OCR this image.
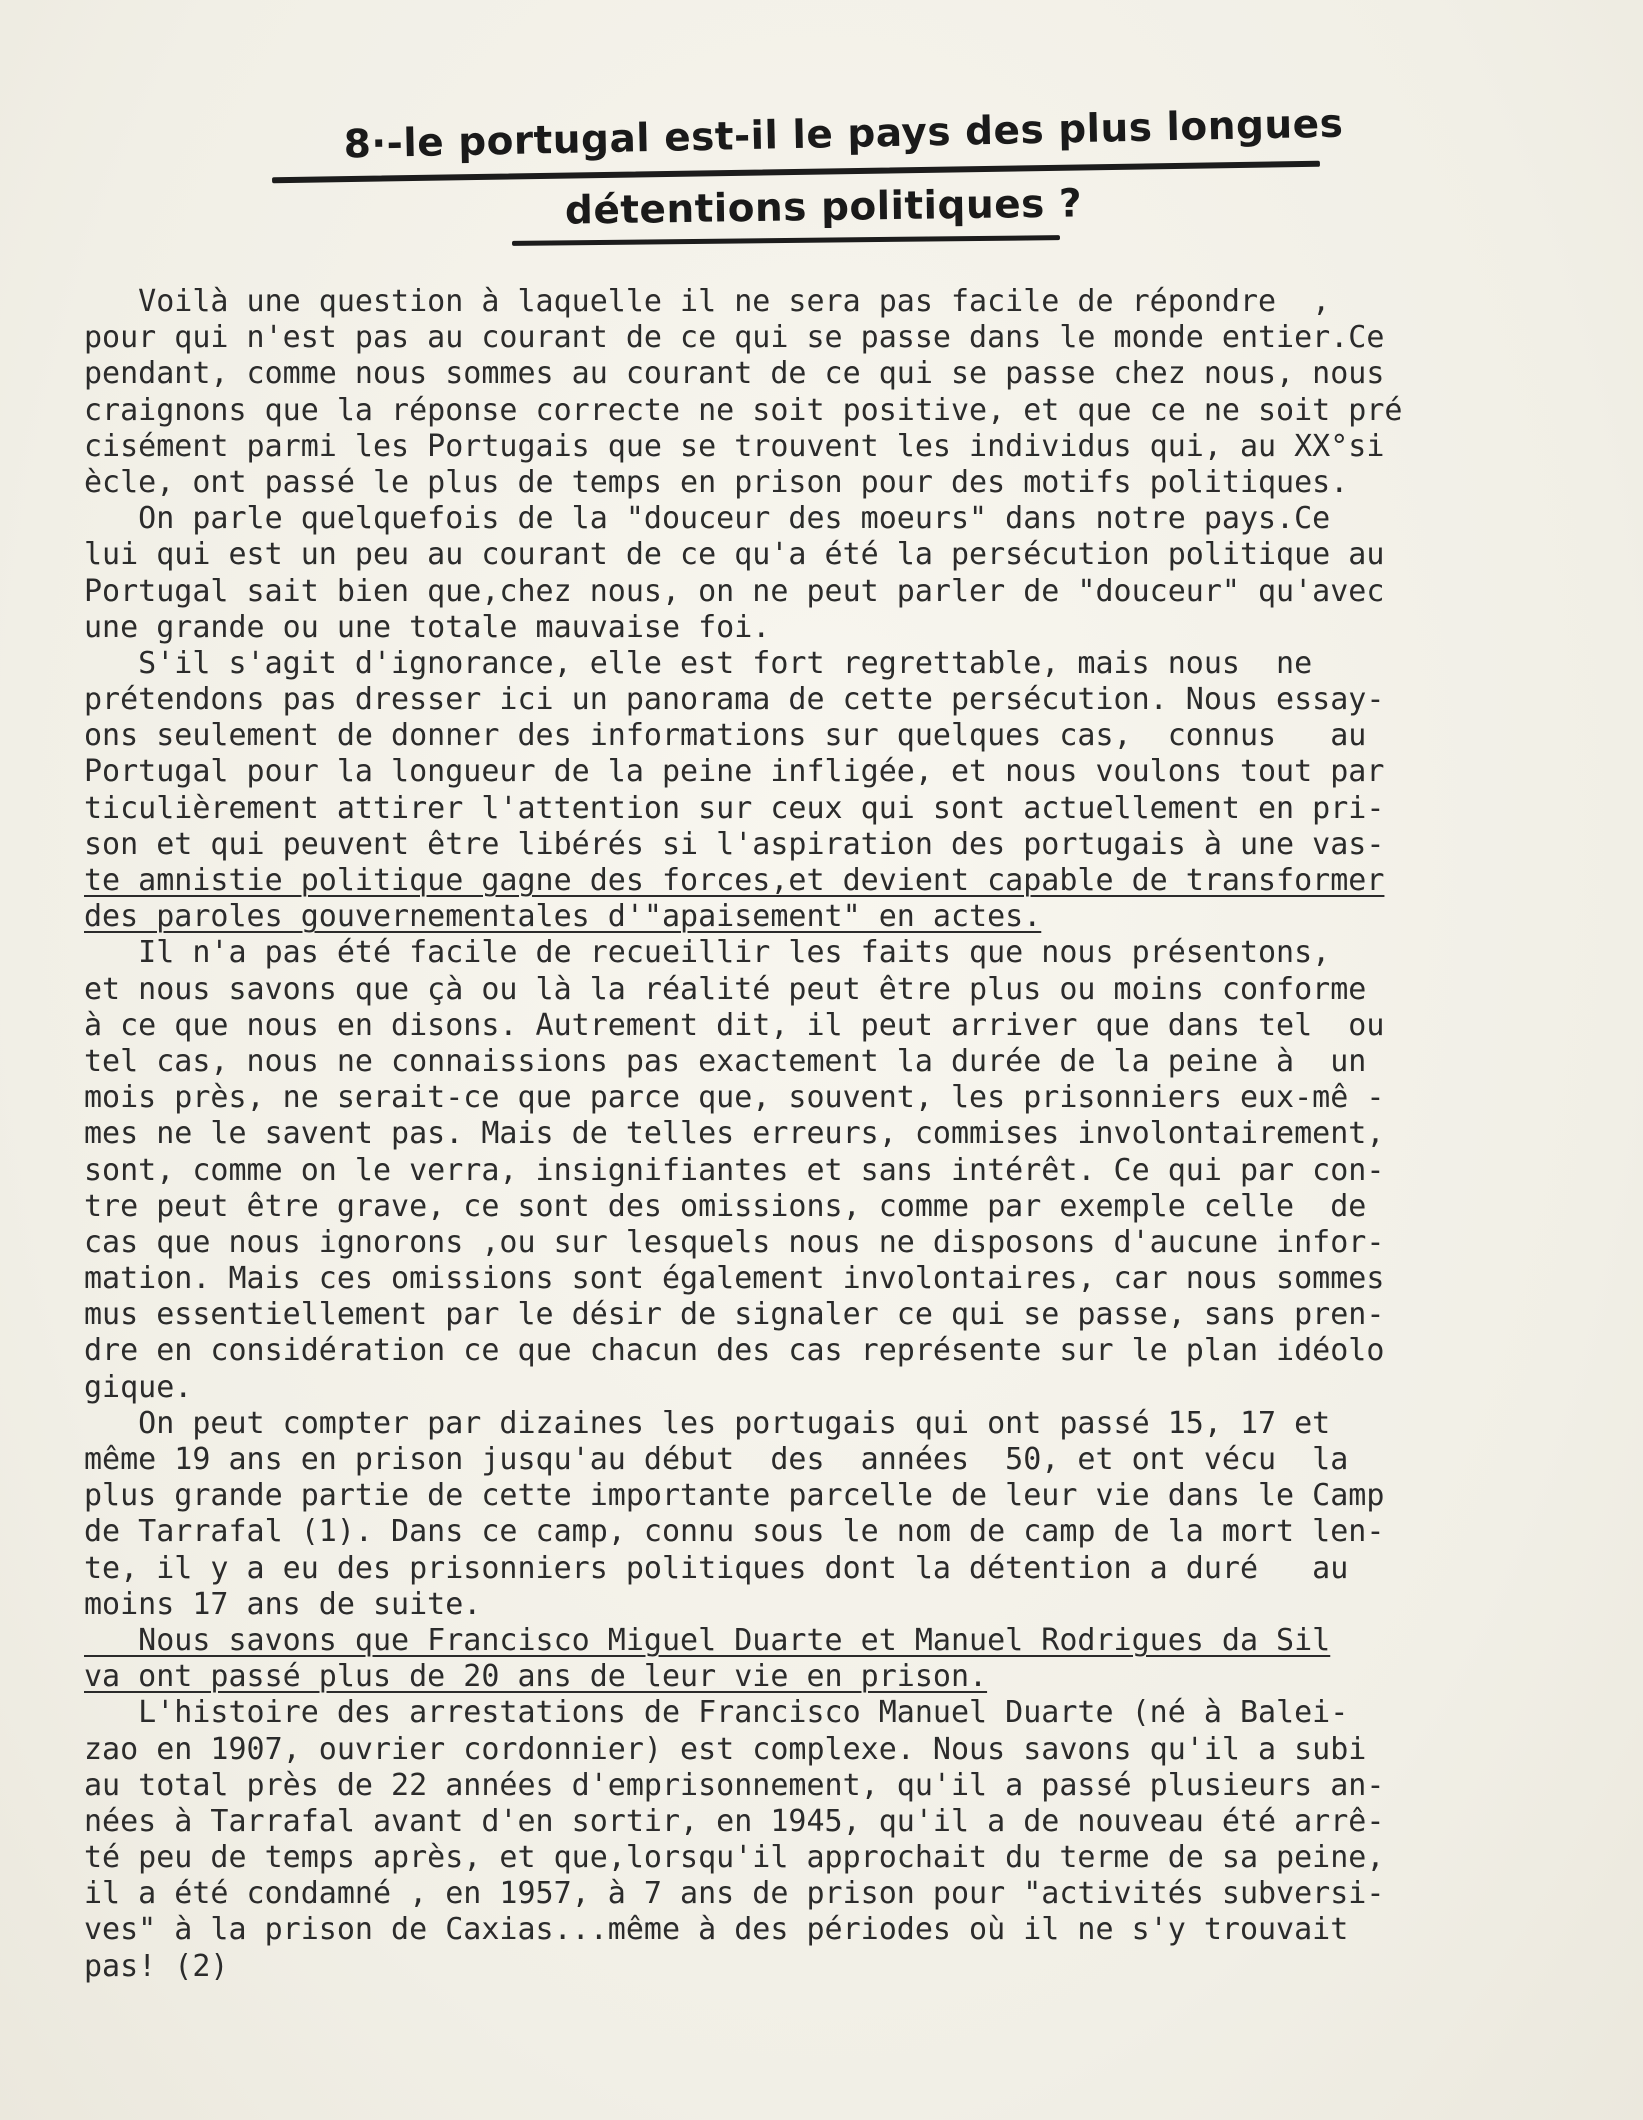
8·-le portugal est-il le pays des plus longues
détentions politiques ?
Voilà une question à laquelle il ne sera pas facile de répondre  ,
pour qui n'est pas au courant de ce qui se passe dans le monde entier.Ce
pendant, comme nous sommes au courant de ce qui se passe chez nous, nous
craignons que la réponse correcte ne soit positive, et que ce ne soit pré
cisément parmi les Portugais que se trouvent les individus qui, au XX°si
ècle, ont passé le plus de temps en prison pour des motifs politiques.
On parle quelquefois de la "douceur des moeurs" dans notre pays.Ce
lui qui est un peu au courant de ce qu'a été la persécution politique au
Portugal sait bien que,chez nous, on ne peut parler de "douceur" qu'avec
une grande ou une totale mauvaise foi.
S'il s'agit d'ignorance, elle est fort regrettable, mais nous  ne
prétendons pas dresser ici un panorama de cette persécution. Nous essay-
ons seulement de donner des informations sur quelques cas,  connus   au
Portugal pour la longueur de la peine infligée, et nous voulons tout par
ticulièrement attirer l'attention sur ceux qui sont actuellement en pri-
son et qui peuvent être libérés si l'aspiration des portugais à une vas-
te amnistie politique gagne des forces,et devient capable de transformer
des paroles gouvernementales d'"apaisement" en actes.
Il n'a pas été facile de recueillir les faits que nous présentons,
et nous savons que çà ou là la réalité peut être plus ou moins conforme
à ce que nous en disons. Autrement dit, il peut arriver que dans tel  ou
tel cas, nous ne connaissions pas exactement la durée de la peine à  un
mois près, ne serait-ce que parce que, souvent, les prisonniers eux-mê -
mes ne le savent pas. Mais de telles erreurs, commises involontairement,
sont, comme on le verra, insignifiantes et sans intérêt. Ce qui par con-
tre peut être grave, ce sont des omissions, comme par exemple celle  de
cas que nous ignorons ,ou sur lesquels nous ne disposons d'aucune infor-
mation. Mais ces omissions sont également involontaires, car nous sommes
mus essentiellement par le désir de signaler ce qui se passe, sans pren-
dre en considération ce que chacun des cas représente sur le plan idéolo
gique.
On peut compter par dizaines les portugais qui ont passé 15, 17 et
même 19 ans en prison jusqu'au début  des  années  50, et ont vécu  la
plus grande partie de cette importante parcelle de leur vie dans le Camp
de Tarrafal (1). Dans ce camp, connu sous le nom de camp de la mort len-
te, il y a eu des prisonniers politiques dont la détention a duré   au
moins 17 ans de suite.
Nous savons que Francisco Miguel Duarte et Manuel Rodrigues da Sil
va ont passé plus de 20 ans de leur vie en prison.
L'histoire des arrestations de Francisco Manuel Duarte (né à Balei-
zao en 1907, ouvrier cordonnier) est complexe. Nous savons qu'il a subi
au total près de 22 années d'emprisonnement, qu'il a passé plusieurs an-
nées à Tarrafal avant d'en sortir, en 1945, qu'il a de nouveau été arrê-
té peu de temps après, et que,lorsqu'il approchait du terme de sa peine,
il a été condamné , en 1957, à 7 ans de prison pour "activités subversi-
ves" à la prison de Caxias...même à des périodes où il ne s'y trouvait
pas! (2)
